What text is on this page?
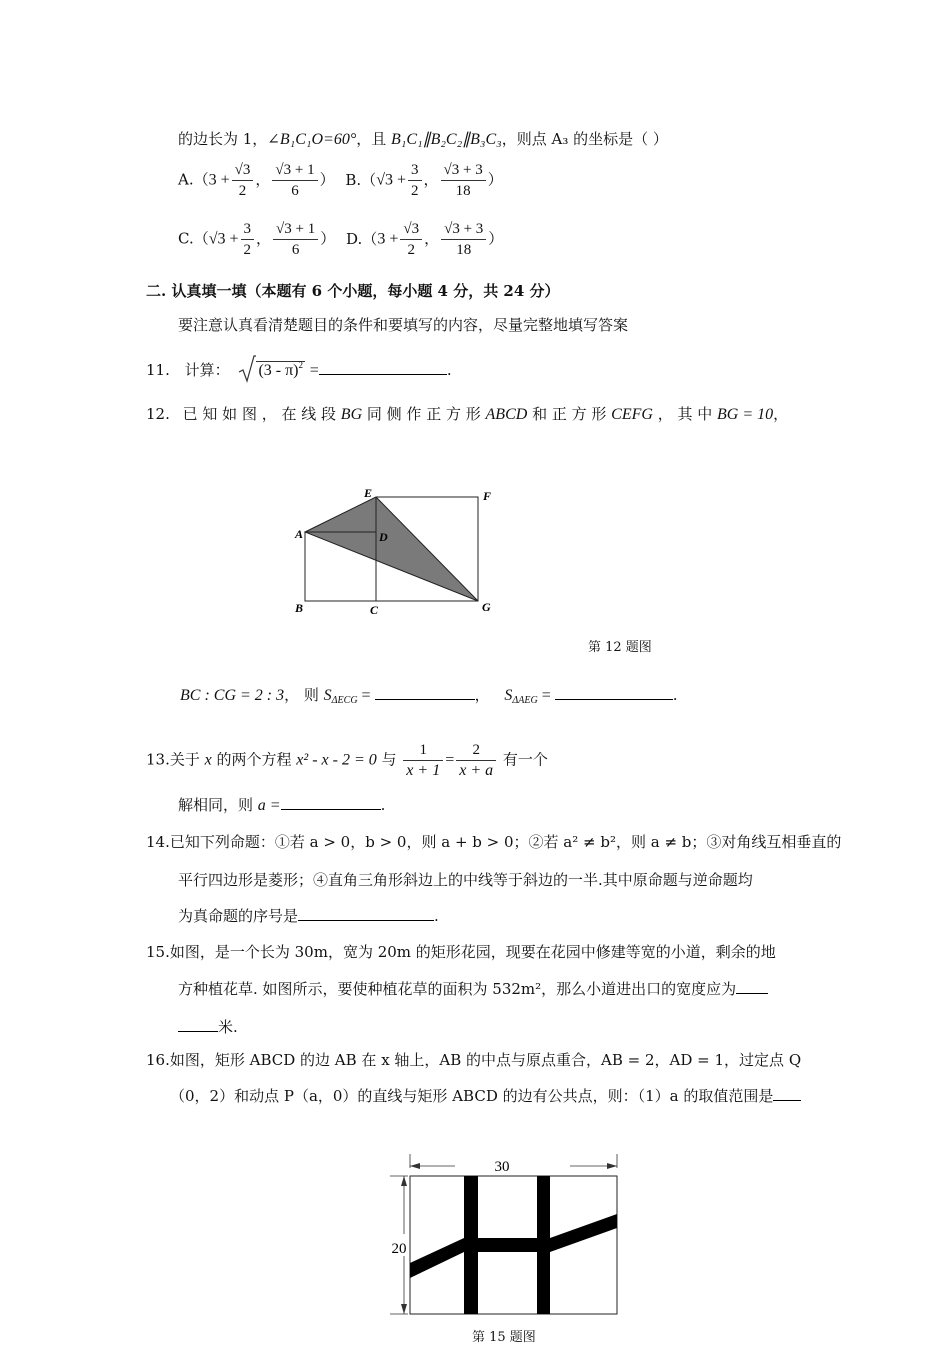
的边长为 1，∠B₁C₁O=60°，且 B₁C₁∥B₂C₂∥B₃C₃，则点 A₃ 的坐标是（ ）
$A.(3 + \frac{√3}{2}$ ， $\frac{√3 + 1}{6}$ ） $B.(√3 + \frac{3}{2}$ ， $\frac{√3 + 3}{18}$ ）
$C.(√3 + \frac{3}{2}$ ， $\frac{√3 + 1}{6}$ ） $D.(3 + \frac{√3}{2}$ ， $\frac{√3 + 3}{18}$ ）
二. 认真填一填（本题有 6 个小题，每小题 4 分，共 24 分）
要注意认真看清楚题目的条件和要填写的内容，尽量完整地填写答案
11. 计算： (3 - π)$^2$ =	.
12. 已 知 如 图 ， 在 线 段 BG 同 侧 作 正 方 形 ABCD 和 正 方 形 CEFG ， 其 中 BG = 10，
A
B	C
D
E	F
G
第 12 题图
BC : CG = 2 : 3， 则 $S_{\Delta ECG}$ =	， $S_{\Delta AEG}$ =	.
13.关于 x 的两个方程 x² - x - 2 = 0 与 $\frac{1}{x + 1} = \frac{2}{x + a}$ 有一个
解相同，则 a =	.
14.已知下列命题：①若 a > 0，b > 0，则 a + b > 0；②若 a² ≠ b²，则 a ≠ b；③对角线互相垂直的
平行四边形是菱形；④直角三角形斜边上的中线等于斜边的一半.其中原命题与逆命题均
为真命题的序号是	.
15.如图，是一个长为 30m，宽为 20m 的矩形花园，现要在花园中修建等宽的小道，剩余的地
方种植花草. 如图所示，要使种植花草的面积为 532m²，那么小道进出口的宽度应为
米.
16.如图，矩形 ABCD 的边 AB 在 x 轴上，AB 的中点与原点重合，AB = 2，AD = 1，过定点 Q
（0，2）和动点 P（a，0）的直线与矩形 ABCD 的边有公共点，则：（1）a 的取值范围是
30
20
第 15 题图
